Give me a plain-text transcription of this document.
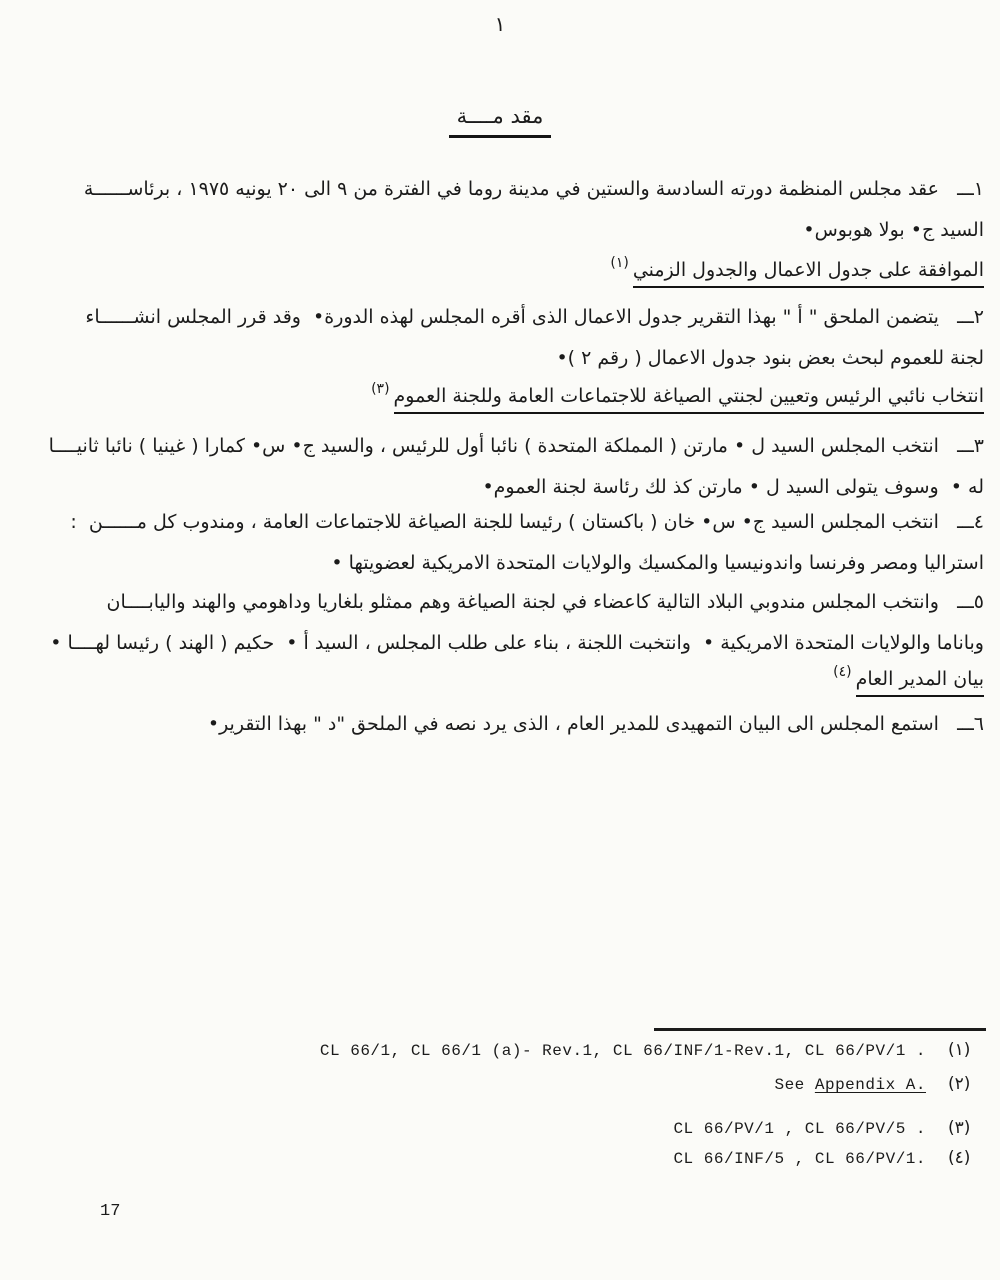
١
مقد مــــة
١ـــ   عقد مجلس المنظمة دورته السادسة والستين في مدينة روما في الفترة من ٩ الى ٢٠ يونيه ١٩٧٥ ، برئاســــــة
السيد ج• بولا هوبوس•
الموافقة على جدول الاعمال والجدول الزمني$^{(١)}$
٢ـــ   يتضمن الملحق " أ " بهذا التقرير جدول الاعمال الذى أقره المجلس لهذه الدورة•  وقد قرر المجلس انشــــــاء
لجنة للعموم لبحث بعض بنود جدول الاعمال ( رقم ٢ )•
انتخاب نائبي الرئيس وتعيين لجنتي الصياغة للاجتماعات العامة وللجنة العموم$^{(٣)}$
٣ـــ   انتخب المجلس السيد ل • مارتن ( المملكة المتحدة ) نائبا أول للرئيس ، والسيد ج• س• كمارا ( غينيا ) نائبا ثانيــــا
له •  وسوف يتولى السيد ل • مارتن كذ لك رئاسة لجنة العموم•
٤ـــ   انتخب المجلس السيد ج• س• خان ( باكستان ) رئيسا للجنة الصياغة للاجتماعات العامة ، ومندوب كل مــــــن  :
استراليا ومصر وفرنسا واندونيسيا والمكسيك والولايات المتحدة الامريكية لعضويتها •
٥ـــ   وانتخب المجلس مندوبي البلاد التالية كاعضاء في لجنة الصياغة وهم ممثلو بلغاريا وداهومي والهند واليابــــان
وباناما والولايات المتحدة الامريكية •  وانتخبت اللجنة ، بناء على طلب المجلس ، السيد أ •  حكيم ( الهند ) رئيسا لهــــا •
بيان المدير العام$^{(٤)}$
٦ـــ   استمع المجلس الى البيان التمهيدى للمدير العام ، الذى يرد نصه في الملحق "د " بهذا التقرير•
CL 66/1, CL 66/1 (a)- Rev.1, CL 66/INF/1-Rev.1, CL 66/PV/1 . (١)
See Appendix A. (٢)
CL 66/PV/1 , CL 66/PV/5 . (٣)
CL 66/INF/5 , CL 66/PV/1. (٤)
17
